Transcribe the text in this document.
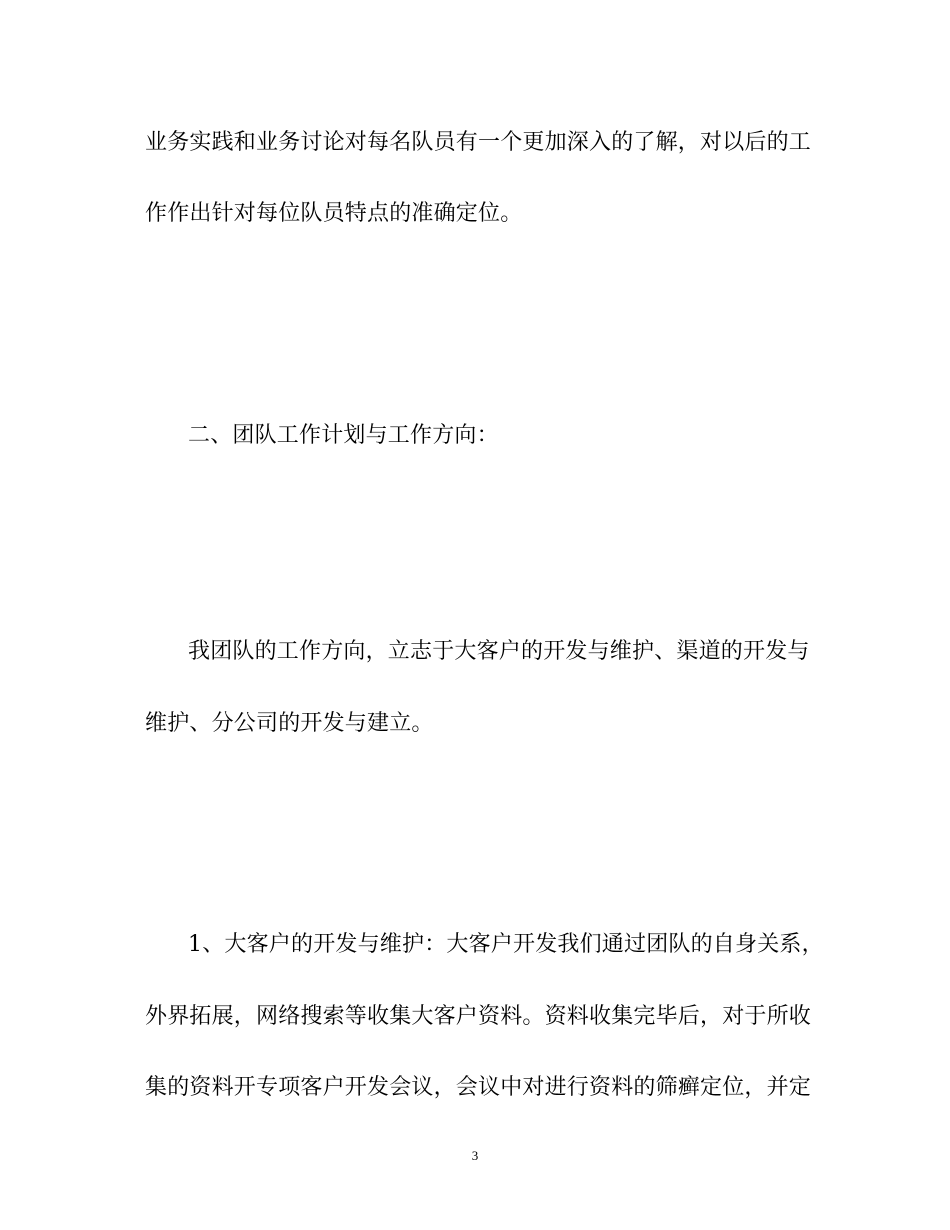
业务实践和业务讨论对每名队员有一个更加深入的了解，对以后的工
作作出针对每位队员特点的准确定位。
二、团队工作计划与工作方向：
我团队的工作方向，立志于大客户的开发与维护、渠道的开发与
维护、分公司的开发与建立。
1、大客户的开发与维护：大客户开发我们通过团队的自身关系，
外界拓展，网络搜索等收集大客户资料。资料收集完毕后，对于所收
集的资料开专项客户开发会议，会议中对进行资料的筛癣定位，并定
3
